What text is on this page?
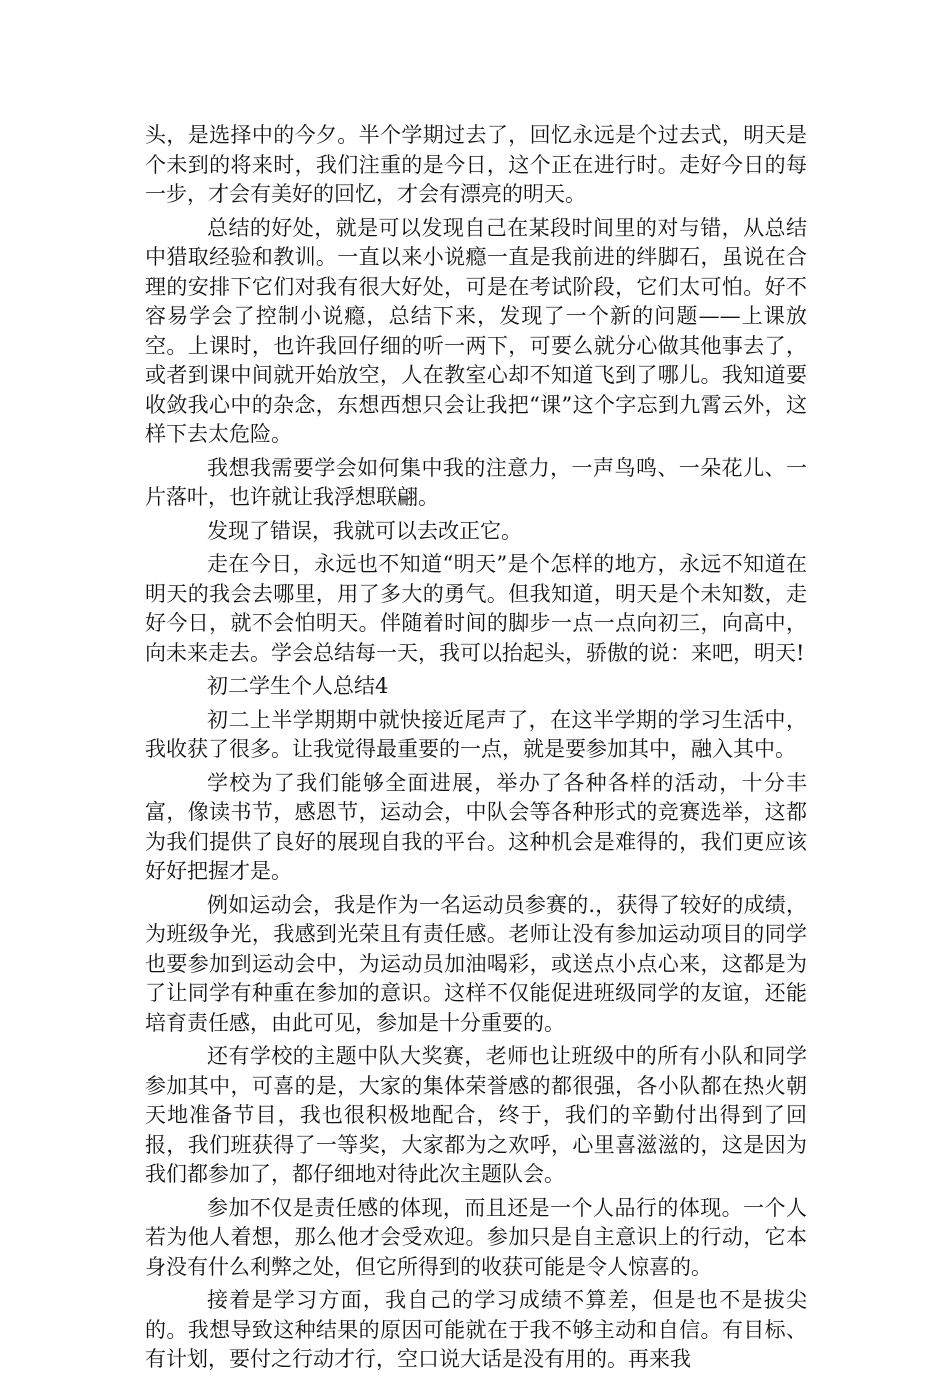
头，是选择中的今夕。半个学期过去了，回忆永远是个过去式，明天是个未到的将来时，我们注重的是今日，这个正在进行时。走好今日的每一步，才会有美好的回忆，才会有漂亮的明天。

总结的好处，就是可以发现自己在某段时间里的对与错，从总结中猎取经验和教训。一直以来小说瘾一直是我前进的绊脚石，虽说在合理的安排下它们对我有很大好处，可是在考试阶段，它们太可怕。好不容易学会了控制小说瘾，总结下来，发现了一个新的问题——上课放空。上课时，也许我回仔细的听一两下，可要么就分心做其他事去了，或者到课中间就开始放空，人在教室心却不知道飞到了哪儿。我知道要收敛我心中的杂念，东想西想只会让我把“课”这个字忘到九霄云外，这样下去太危险。

我想我需要学会如何集中我的注意力，一声鸟鸣、一朵花儿、一片落叶，也许就让我浮想联翩。

发现了错误，我就可以去改正它。

走在今日，永远也不知道“明天”是个怎样的地方，永远不知道在明天的我会去哪里，用了多大的勇气。但我知道，明天是个未知数，走好今日，就不会怕明天。伴随着时间的脚步一点一点向初三，向高中，向未来走去。学会总结每一天，我可以抬起头，骄傲的说：来吧，明天!

初二学生个人总结4

初二上半学期期中就快接近尾声了，在这半学期的学习生活中，我收获了很多。让我觉得最重要的一点，就是要参加其中，融入其中。

学校为了我们能够全面进展，举办了各种各样的活动，十分丰富，像读书节，感恩节，运动会，中队会等各种形式的竞赛选举，这都为我们提供了良好的展现自我的平台。这种机会是难得的，我们更应该好好把握才是。

例如运动会，我是作为一名运动员参赛的.，获得了较好的成绩，为班级争光，我感到光荣且有责任感。老师让没有参加运动项目的同学也要参加到运动会中，为运动员加油喝彩，或送点小点心来，这都是为了让同学有种重在参加的意识。这样不仅能促进班级同学的友谊，还能培育责任感，由此可见，参加是十分重要的。

还有学校的主题中队大奖赛，老师也让班级中的所有小队和同学参加其中，可喜的是，大家的集体荣誉感的都很强，各小队都在热火朝天地准备节目，我也很积极地配合，终于，我们的辛勤付出得到了回报，我们班获得了一等奖，大家都为之欢呼，心里喜滋滋的，这是因为我们都参加了，都仔细地对待此次主题队会。

参加不仅是责任感的体现，而且还是一个人品行的体现。一个人若为他人着想，那么他才会受欢迎。参加只是自主意识上的行动，它本身没有什么利弊之处，但它所得到的收获可能是令人惊喜的。

接着是学习方面，我自己的学习成绩不算差，但是也不是拔尖的。我想导致这种结果的原因可能就在于我不够主动和自信。有目标、有计划，要付之行动才行，空口说大话是没有用的。再来我
